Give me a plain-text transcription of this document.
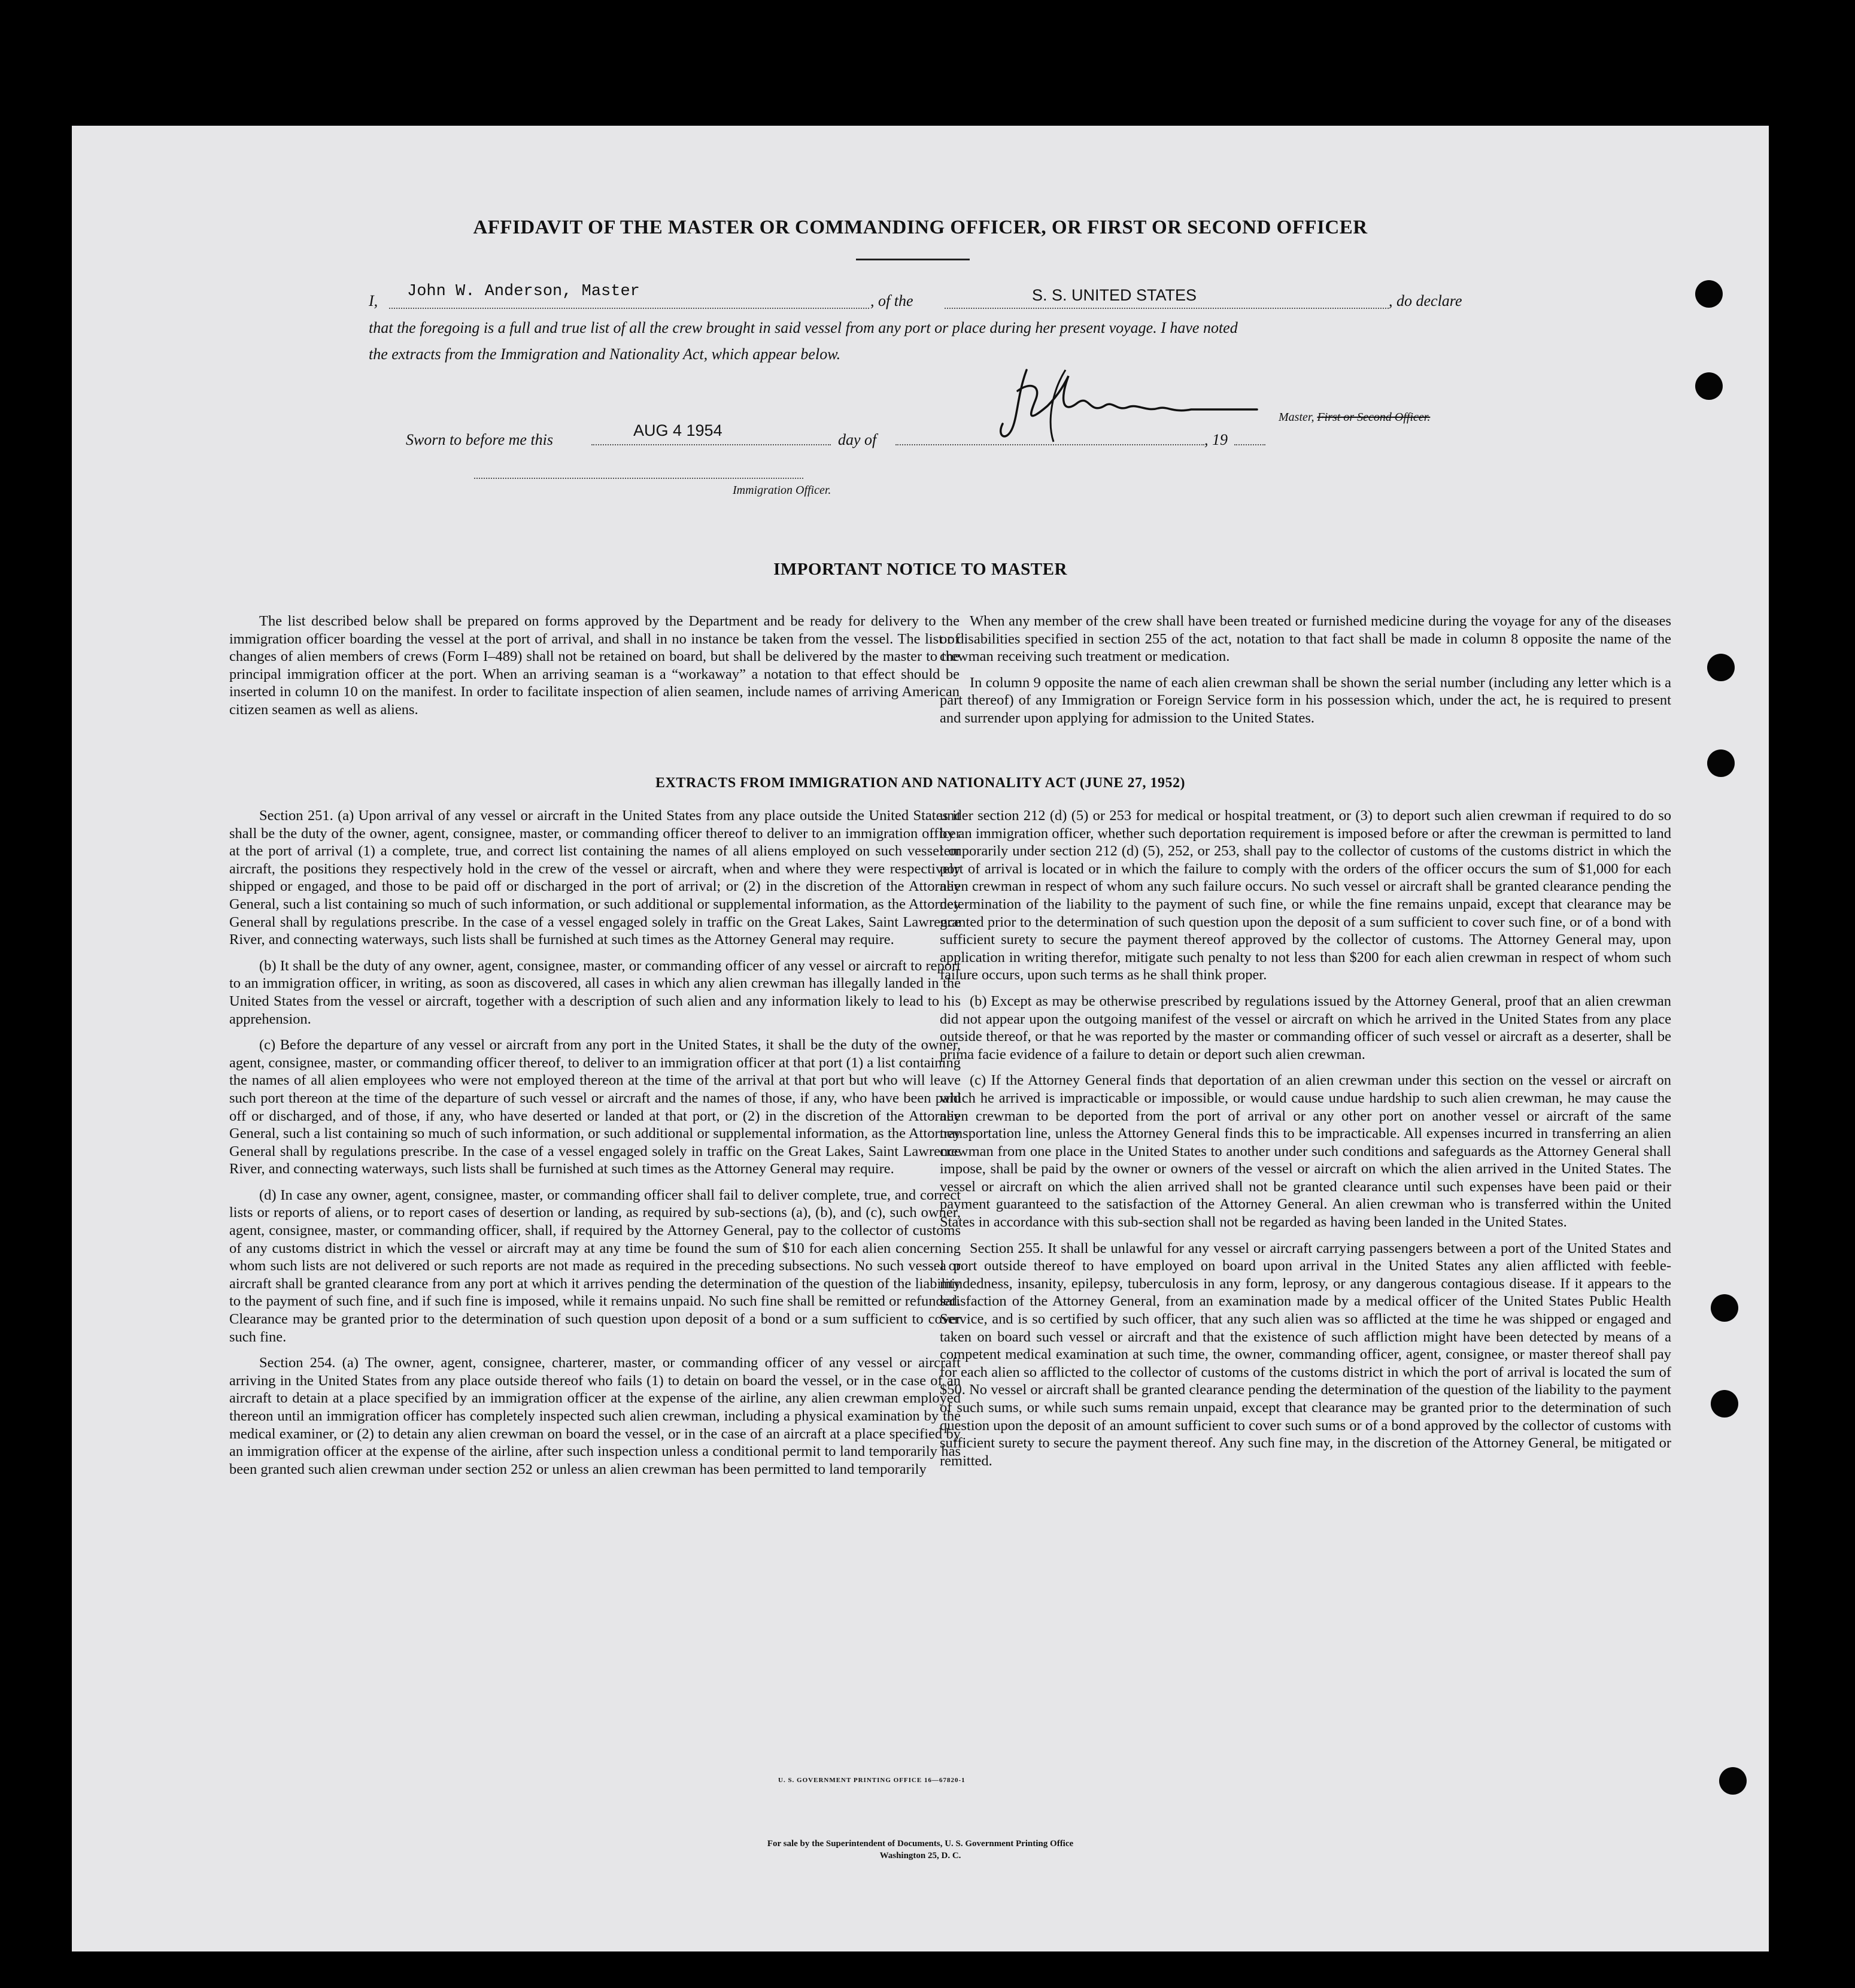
AFFIDAVIT OF THE MASTER OR COMMANDING OFFICER, OR FIRST OR SECOND OFFICER
I,
John W. Anderson, Master
, of the	S. S. UNITED STATES	, do declare
that the foregoing is a full and true list of all the crew brought in said vessel from any port or place during her present voyage. I have noted
the extracts from the Immigration and Nationality Act, which appear below.
Master, First or Second Officer.
Sworn to before me this
AUG 4 1954
day of	, 19
Immigration Officer.
IMPORTANT NOTICE TO MASTER

The list described below shall be prepared on forms approved by the Department and be ready for delivery to the immigration officer boarding the vessel at the port of arrival, and shall in no instance be taken from the vessel. The list of changes of alien members of crews (Form I–489) shall not be retained on board, but shall be delivered by the master to the principal immigration officer at the port. When an arriving seaman is a “workaway” a notation to that effect should be inserted in column 10 on the manifest. In order to facilitate inspection of alien seamen, include names of arriving American citizen seamen as well as aliens.

When any member of the crew shall have been treated or furnished medicine during the voyage for any of the diseases or disabilities specified in section 255 of the act, notation to that fact shall be made in column 8 opposite the name of the crewman receiving such treatment or medication.

In column 9 opposite the name of each alien crewman shall be shown the serial number (including any letter which is a part thereof) of any Immigration or Foreign Service form in his possession which, under the act, he is required to present and surrender upon applying for admission to the United States.

EXTRACTS FROM IMMIGRATION AND NATIONALITY ACT (JUNE 27, 1952)

Section 251. (a) Upon arrival of any vessel or aircraft in the United States from any place outside the United States it shall be the duty of the owner, agent, consignee, master, or commanding officer thereof to deliver to an immigration officer at the port of arrival (1) a complete, true, and correct list containing the names of all aliens employed on such vessel or aircraft, the positions they respectively hold in the crew of the vessel or aircraft, when and where they were respectively shipped or engaged, and those to be paid off or discharged in the port of arrival; or (2) in the discretion of the Attorney General, such a list containing so much of such information, or such additional or supplemental information, as the Attorney General shall by regulations prescribe. In the case of a vessel engaged solely in traffic on the Great Lakes, Saint Lawrence River, and connecting waterways, such lists shall be furnished at such times as the Attorney General may require.

(b) It shall be the duty of any owner, agent, consignee, master, or commanding officer of any vessel or aircraft to report to an immigration officer, in writing, as soon as discovered, all cases in which any alien crewman has illegally landed in the United States from the vessel or aircraft, together with a description of such alien and any information likely to lead to his apprehension.

(c) Before the departure of any vessel or aircraft from any port in the United States, it shall be the duty of the owner, agent, consignee, master, or commanding officer thereof, to deliver to an immigration officer at that port (1) a list containing the names of all alien employees who were not employed thereon at the time of the arrival at that port but who will leave such port thereon at the time of the departure of such vessel or aircraft and the names of those, if any, who have been paid off or discharged, and of those, if any, who have deserted or landed at that port, or (2) in the discretion of the Attorney General, such a list containing so much of such information, or such additional or supplemental information, as the Attorney General shall by regulations prescribe. In the case of a vessel engaged solely in traffic on the Great Lakes, Saint Lawrence River, and connecting waterways, such lists shall be furnished at such times as the Attorney General may require.

(d) In case any owner, agent, consignee, master, or commanding officer shall fail to deliver complete, true, and correct lists or reports of aliens, or to report cases of desertion or landing, as required by sub-sections (a), (b), and (c), such owner, agent, consignee, master, or commanding officer, shall, if required by the Attorney General, pay to the collector of customs of any customs district in which the vessel or aircraft may at any time be found the sum of $10 for each alien concerning whom such lists are not delivered or such reports are not made as required in the preceding subsections. No such vessel or aircraft shall be granted clearance from any port at which it arrives pending the determination of the question of the liability to the payment of such fine, and if such fine is imposed, while it remains unpaid. No such fine shall be remitted or refunded. Clearance may be granted prior to the determination of such question upon deposit of a bond or a sum sufficient to cover such fine.

Section 254. (a) The owner, agent, consignee, charterer, master, or commanding officer of any vessel or aircraft arriving in the United States from any place outside thereof who fails (1) to detain on board the vessel, or in the case of an aircraft to detain at a place specified by an immigration officer at the expense of the airline, any alien crewman employed thereon until an immigration officer has completely inspected such alien crewman, including a physical examination by the medical examiner, or (2) to detain any alien crewman on board the vessel, or in the case of an aircraft at a place specified by an immigration officer at the expense of the airline, after such inspection unless a conditional permit to land temporarily has been granted such alien crewman under section 252 or unless an alien crewman has been permitted to land temporarily

under section 212 (d) (5) or 253 for medical or hospital treatment, or (3) to deport such alien crewman if required to do so by an immigration officer, whether such deportation requirement is imposed before or after the crewman is permitted to land temporarily under section 212 (d) (5), 252, or 253, shall pay to the collector of customs of the customs district in which the port of arrival is located or in which the failure to comply with the orders of the officer occurs the sum of $1,000 for each alien crewman in respect of whom any such failure occurs. No such vessel or aircraft shall be granted clearance pending the determination of the liability to the payment of such fine, or while the fine remains unpaid, except that clearance may be granted prior to the determination of such question upon the deposit of a sum sufficient to cover such fine, or of a bond with sufficient surety to secure the payment thereof approved by the collector of customs. The Attorney General may, upon application in writing therefor, mitigate such penalty to not less than $200 for each alien crewman in respect of whom such failure occurs, upon such terms as he shall think proper.

(b) Except as may be otherwise prescribed by regulations issued by the Attorney General, proof that an alien crewman did not appear upon the outgoing manifest of the vessel or aircraft on which he arrived in the United States from any place outside thereof, or that he was reported by the master or commanding officer of such vessel or aircraft as a deserter, shall be prima facie evidence of a failure to detain or deport such alien crewman.

(c) If the Attorney General finds that deportation of an alien crewman under this section on the vessel or aircraft on which he arrived is impracticable or impossible, or would cause undue hardship to such alien crewman, he may cause the alien crewman to be deported from the port of arrival or any other port on another vessel or aircraft of the same transportation line, unless the Attorney General finds this to be impracticable. All expenses incurred in transferring an alien crewman from one place in the United States to another under such conditions and safeguards as the Attorney General shall impose, shall be paid by the owner or owners of the vessel or aircraft on which the alien arrived in the United States. The vessel or aircraft on which the alien arrived shall not be granted clearance until such expenses have been paid or their payment guaranteed to the satisfaction of the Attorney General. An alien crewman who is transferred within the United States in accordance with this sub-section shall not be regarded as having been landed in the United States.

Section 255. It shall be unlawful for any vessel or aircraft carrying passengers between a port of the United States and a port outside thereof to have employed on board upon arrival in the United States any alien afflicted with feeble-mindedness, insanity, epilepsy, tuberculosis in any form, leprosy, or any dangerous contagious disease. If it appears to the satisfaction of the Attorney General, from an examination made by a medical officer of the United States Public Health Service, and is so certified by such officer, that any such alien was so afflicted at the time he was shipped or engaged and taken on board such vessel or aircraft and that the existence of such affliction might have been detected by means of a competent medical examination at such time, the owner, commanding officer, agent, consignee, or master thereof shall pay for each alien so afflicted to the collector of customs of the customs district in which the port of arrival is located the sum of $50. No vessel or aircraft shall be granted clearance pending the determination of the question of the liability to the payment of such sums, or while such sums remain unpaid, except that clearance may be granted prior to the determination of such question upon the deposit of an amount sufficient to cover such sums or of a bond approved by the collector of customs with sufficient surety to secure the payment thereof. Any such fine may, in the discretion of the Attorney General, be mitigated or remitted.

U. S. GOVERNMENT PRINTING OFFICE 16—67820-1
For sale by the Superintendent of Documents, U. S. Government Printing Office
Washington 25, D. C.
